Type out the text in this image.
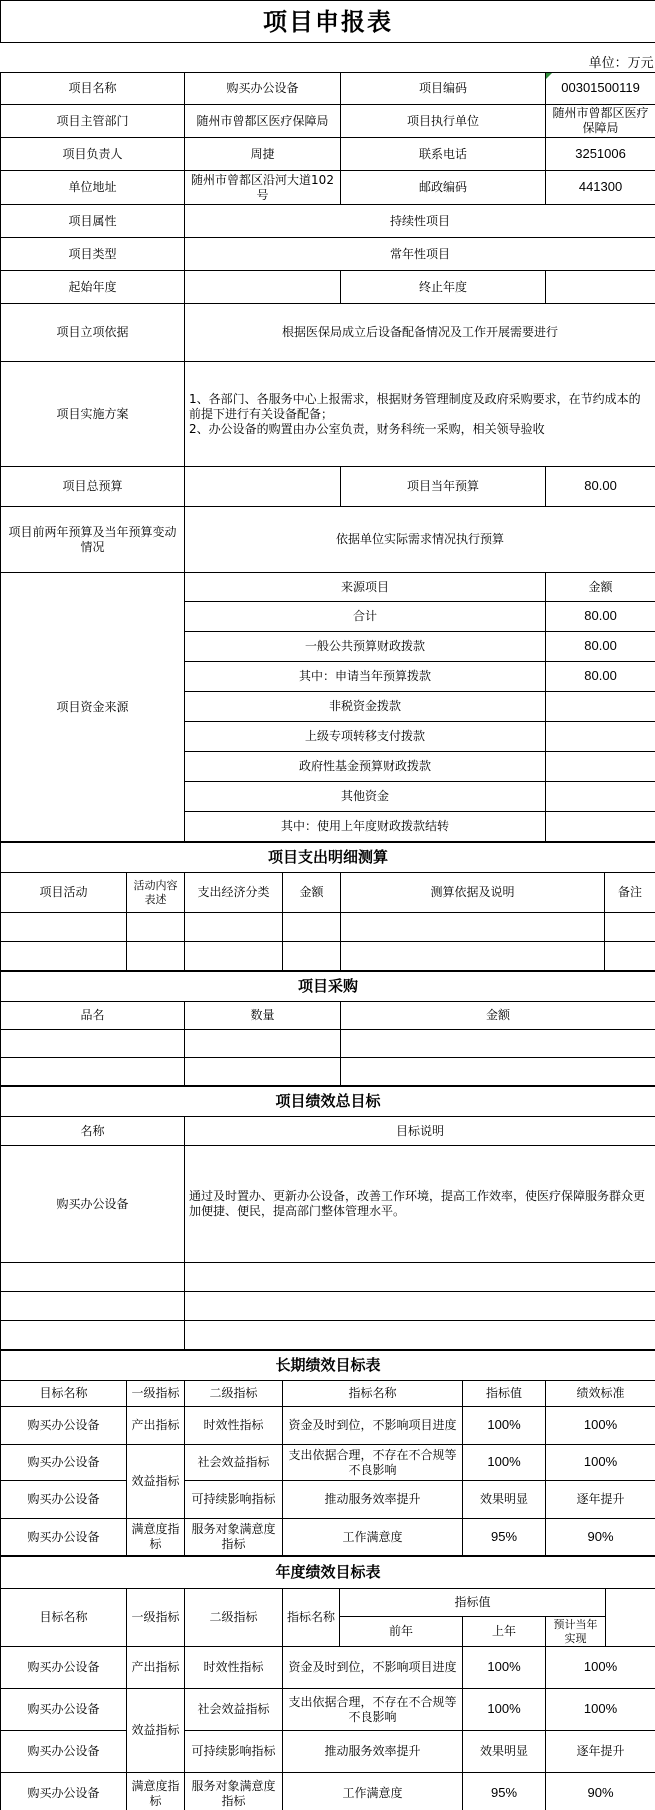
项目申报表			
单位：万元			
项目名称	购买办公设备	项目编码	00301500119
项目主管部门	随州市曾都区医疗保障局	项目执行单位	随州市曾都区医疗保障局
项目负责人	周捷	联系电话	3251006
单位地址	随州市曾都区沿河大道102号	邮政编码	441300
项目属性	持续性项目		
项目类型	常年性项目		
起始年度		终止年度	
项目立项依据	根据医保局成立后设备配备情况及工作开展需要进行		
项目实施方案	1、各部门、各服务中心上报需求，根据财务管理制度及政府采购要求，在节约成本的前提下进行有关设备配备；
2、办公设备的购置由办公室负责，财务科统一采购，相关领导验收		

项目总预算		项目当年预算	80.00
项目前两年预算及当年预算变动情况	依据单位实际需求情况执行预算		
项目资金来源	来源项目		金额
	合计		80.00
	一般公共预算财政拨款		80.00
	其中：申请当年预算拨款		80.00
	非税资金拨款		
	上级专项转移支付拨款		
	政府性基金预算财政拨款		
	其他资金		
	其中：使用上年度财政拨款结转		
项目支出明细测算					
项目活动	活动内容表述	支出经济分类	金额	测算依据及说明	备注

项目采购		
品名	数量	金额

项目绩效总目标	
名称	目标说明
购买办公设备	通过及时置办、更新办公设备，改善工作环境，提高工作效率，使医疗保障服务群众更加便捷、便民，提高部门整体管理水平。

长期绩效目标表					
目标名称	一级指标	二级指标	指标名称	指标值	绩效标准
购买办公设备	产出指标	时效性指标	资金及时到位，不影响项目进度	100%	100%
购买办公设备	效益指标	社会效益指标	支出依据合理，不存在不合规等不良影响	100%	100%
购买办公设备		可持续影响指标	推动服务效率提升	效果明显	逐年提升
购买办公设备	满意度指标	服务对象满意度指标	工作满意度	95%	90%
年度绩效目标表							
目标名称	一级指标	二级指标	指标名称	指标值			
				前年	上年	预计当年实现	
购买办公设备	产出指标	时效性指标	资金及时到位，不影响项目进度		100%	100%	
购买办公设备	效益指标	社会效益指标	支出依据合理，不存在不合规等不良影响		100%	100%	
购买办公设备		可持续影响指标	推动服务效率提升		效果明显	逐年提升	
购买办公设备	满意度指标	服务对象满意度指标	工作满意度		95%	90%	
